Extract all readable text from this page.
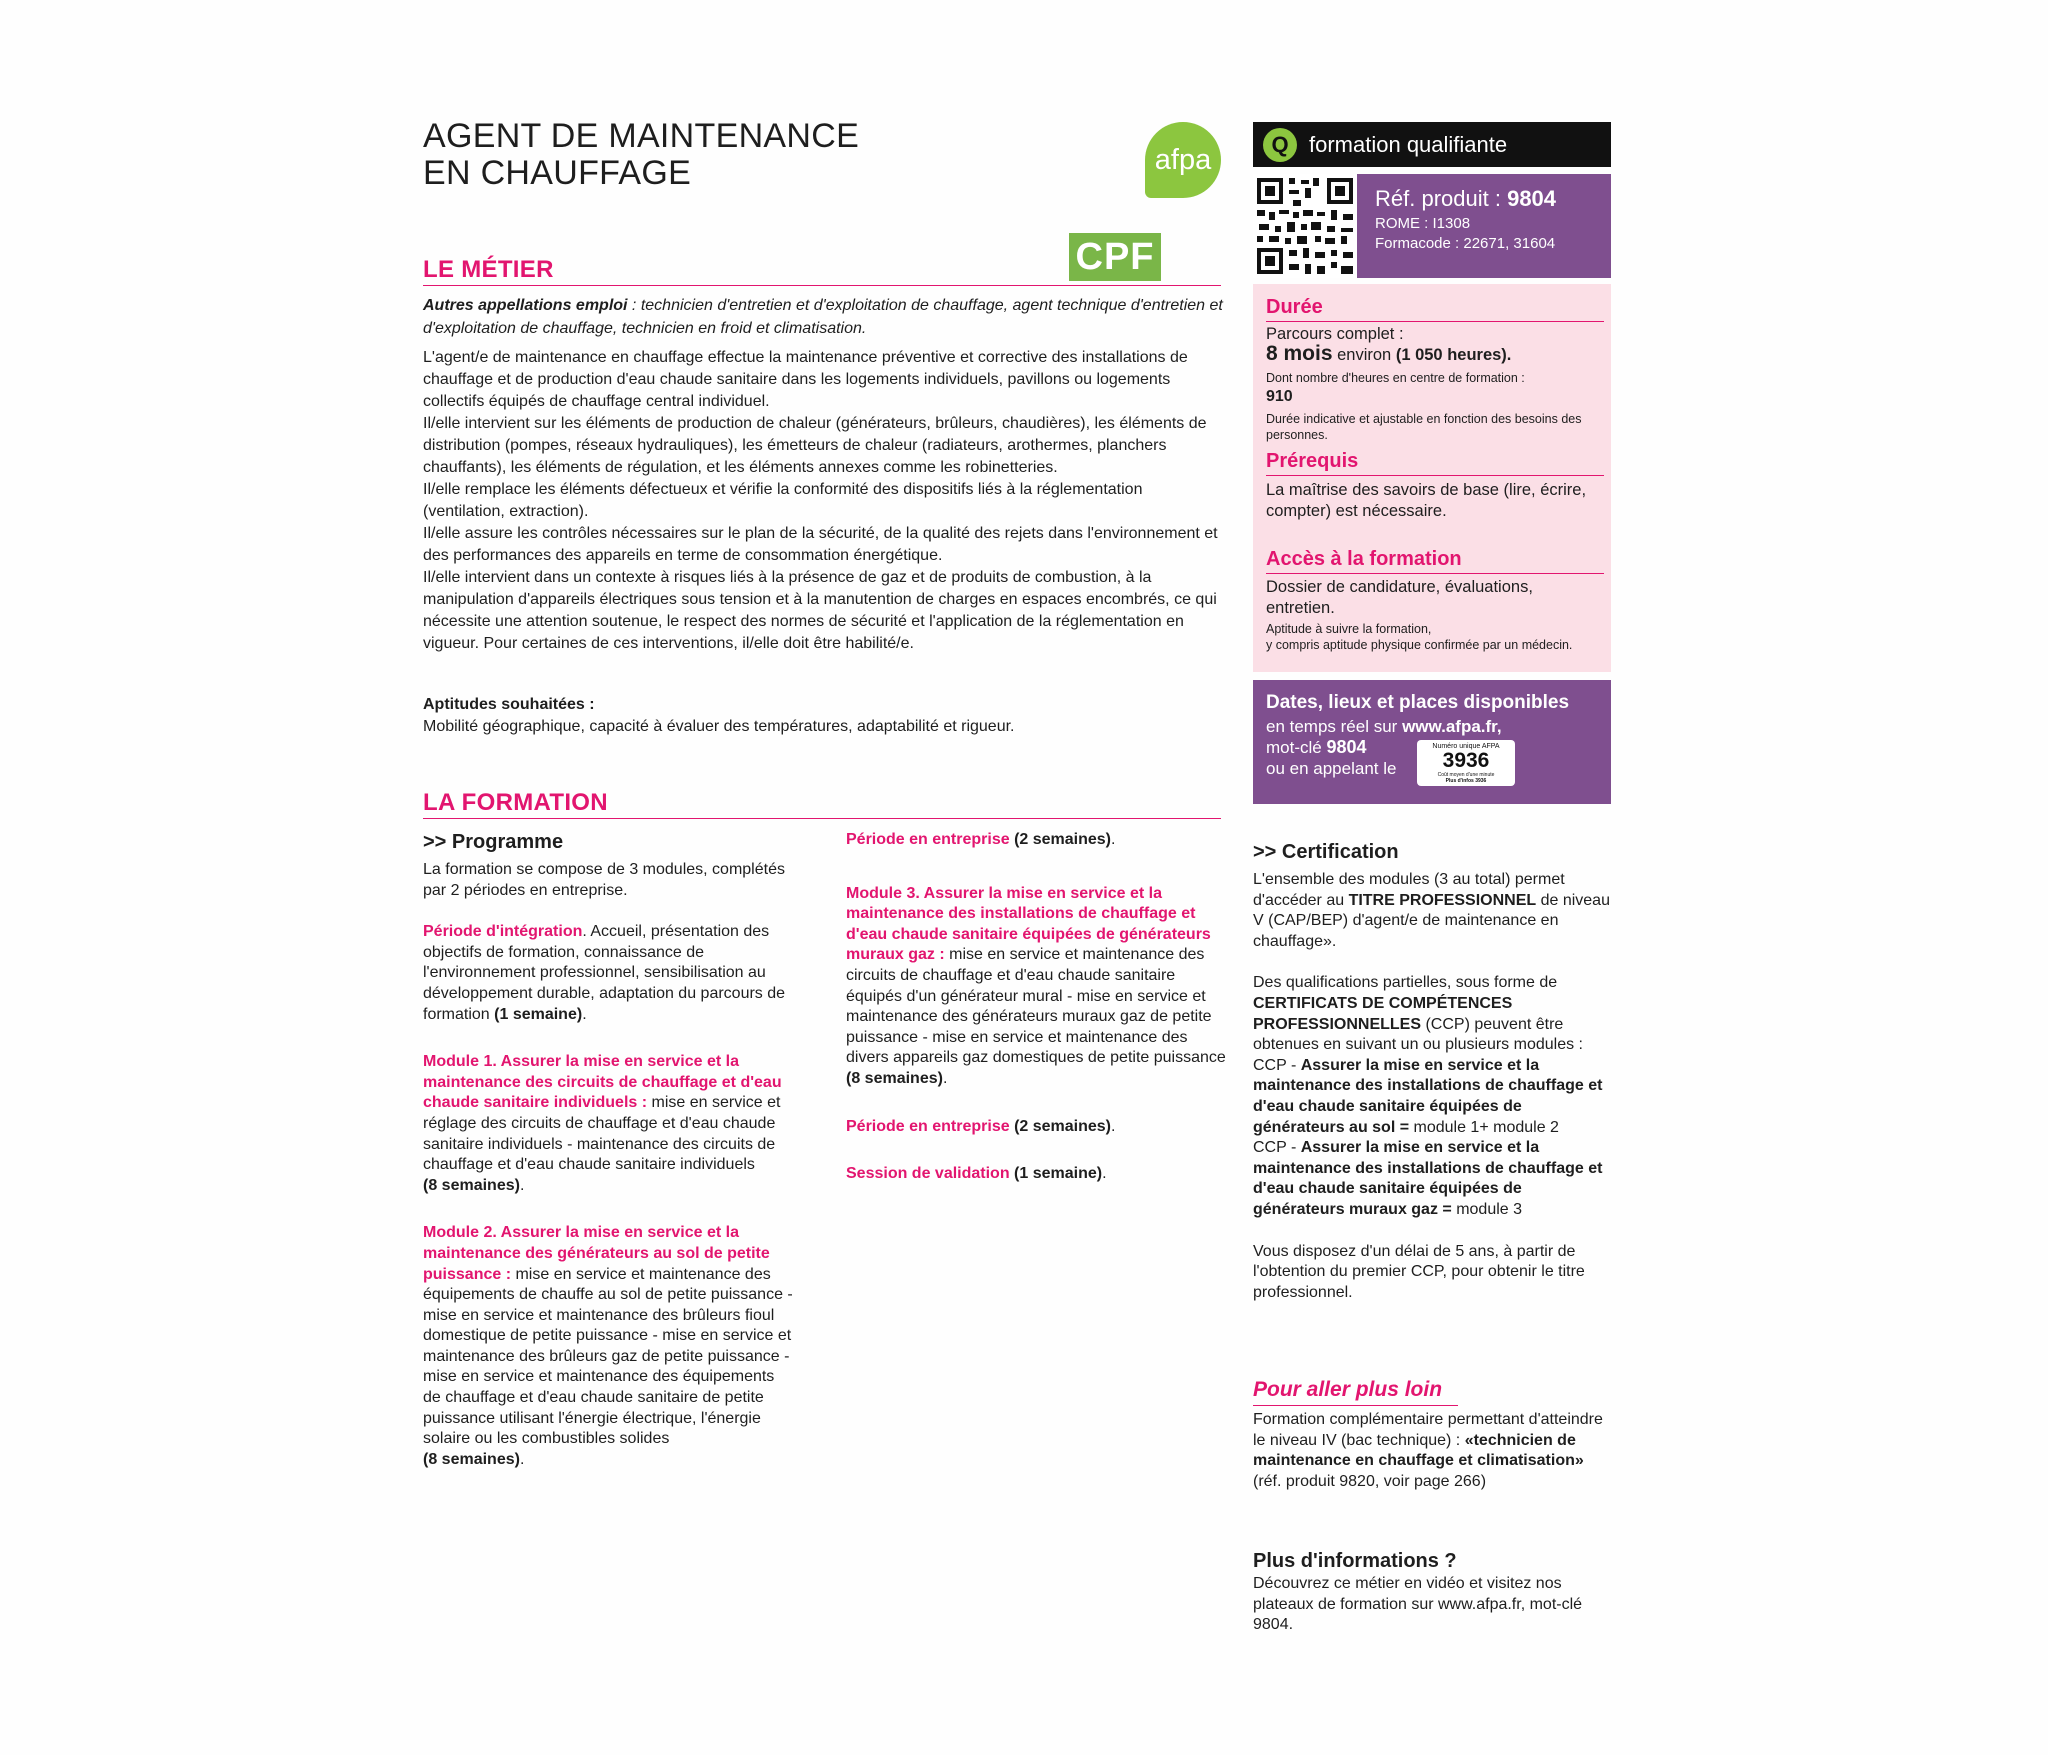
AGENT DE MAINTENANCE
EN CHAUFFAGE	afpa
CPF
LE MÉTIER
Autres appellations emploi : technicien d'entretien et d'exploitation de chauffage, agent technique d'entretien et d'exploitation de chauffage, technicien en froid et climatisation.

L'agent/e de maintenance en chauffage effectue la maintenance préventive et corrective des installations de chauffage et de production d'eau chaude sanitaire dans les logements individuels, pavillons ou logements collectifs équipés de chauffage central individuel.

Il/elle intervient sur les éléments de production de chaleur (générateurs, brûleurs, chaudières), les éléments de distribution (pompes, réseaux hydrauliques), les émetteurs de chaleur (radiateurs, arothermes, planchers chauffants), les éléments de régulation, et les éléments annexes comme les robinetteries.

Il/elle remplace les éléments défectueux et vérifie la conformité des dispositifs liés à la réglementation (ventilation, extraction).

Il/elle assure les contrôles nécessaires sur le plan de la sécurité, de la qualité des rejets dans l'environnement et des performances des appareils en terme de consommation énergétique.

Il/elle intervient dans un contexte à risques liés à la présence de gaz et de produits de combustion, à la manipulation d'appareils électriques sous tension et à la manutention de charges en espaces encombrés, ce qui nécessite une attention soutenue, le respect des normes de sécurité et l'application de la réglementation en vigueur. Pour certaines de ces interventions, il/elle doit être habilité/e.

Aptitudes souhaitées :

Mobilité géographique, capacité à évaluer des températures, adaptabilité et rigueur.

LA FORMATION

>> Programme

La formation se compose de 3 modules, complétés par 2 périodes en entreprise.

Période d'intégration. Accueil, présentation des objectifs de formation, connaissance de l'environnement professionnel, sensibilisation au développement durable, adaptation du parcours de formation (1 semaine).

Module 1. Assurer la mise en service et la maintenance des circuits de chauffage et d'eau chaude sanitaire individuels : mise en service et réglage des circuits de chauffage et d'eau chaude sanitaire individuels - maintenance des circuits de chauffage et d'eau chaude sanitaire individuels
(8 semaines).

Module 2. Assurer la mise en service et la maintenance des générateurs au sol de petite puissance : mise en service et maintenance des équipements de chauffe au sol de petite puissance - mise en service et maintenance des brûleurs fioul domestique de petite puissance - mise en service et maintenance des brûleurs gaz de petite puissance - mise en service et maintenance des équipements de chauffage et d'eau chaude sanitaire de petite puissance utilisant l'énergie électrique, l'énergie solaire ou les combustibles solides
(8 semaines).

Période en entreprise (2 semaines).

Module 3. Assurer la mise en service et la maintenance des installations de chauffage et d'eau chaude sanitaire équipées de générateurs muraux gaz : mise en service et maintenance des circuits de chauffage et d'eau chaude sanitaire équipés d'un générateur mural - mise en service et maintenance des générateurs muraux gaz de petite puissance - mise en service et maintenance des divers appareils gaz domestiques de petite puissance
(8 semaines).

Période en entreprise (2 semaines).

Session de validation (1 semaine).

Q formation qualifiante
Réf. produit : 9804
ROME : I1308
Formacode : 22671, 31604
Durée

Parcours complet :

8 mois environ (1 050 heures).

Dont nombre d'heures en centre de formation :

910

Durée indicative et ajustable en fonction des besoins des personnes.

Prérequis
La maîtrise des savoirs de base (lire, écrire, compter) est nécessaire.
Accès à la formation
Dossier de candidature, évaluations, entretien.

Aptitude à suivre la formation,

y compris aptitude physique confirmée par un médecin.

Dates, lieux et places disponibles

en temps réel sur www.afpa.fr,

mot-clé 9804

ou en appelant le

Numéro unique AFPA
3936
Coût moyen d'une minute
Plus d'infos 3936

>> Certification

L'ensemble des modules (3 au total) permet d'accéder au TITRE PROFESSIONNEL de niveau V (CAP/BEP) d'agent/e de maintenance en chauffage».

Des qualifications partielles, sous forme de CERTIFICATS DE COMPÉTENCES PROFESSIONNELLES (CCP) peuvent être obtenues en suivant un ou plusieurs modules :

CCP - Assurer la mise en service et la maintenance des installations de chauffage et d'eau chaude sanitaire équipées de générateurs au sol = module 1+ module 2

CCP - Assurer la mise en service et la maintenance des installations de chauffage et d'eau chaude sanitaire équipées de générateurs muraux gaz = module 3

Vous disposez d'un délai de 5 ans, à partir de l'obtention du premier CCP, pour obtenir le titre professionnel.

Pour aller plus loin
Formation complémentaire permettant d'atteindre le niveau IV (bac technique) : «technicien de maintenance en chauffage et climatisation» (réf. produit 9820, voir page 266)

Plus d'informations ?

Découvrez ce métier en vidéo et visitez nos plateaux de formation sur www.afpa.fr, mot-clé 9804.
